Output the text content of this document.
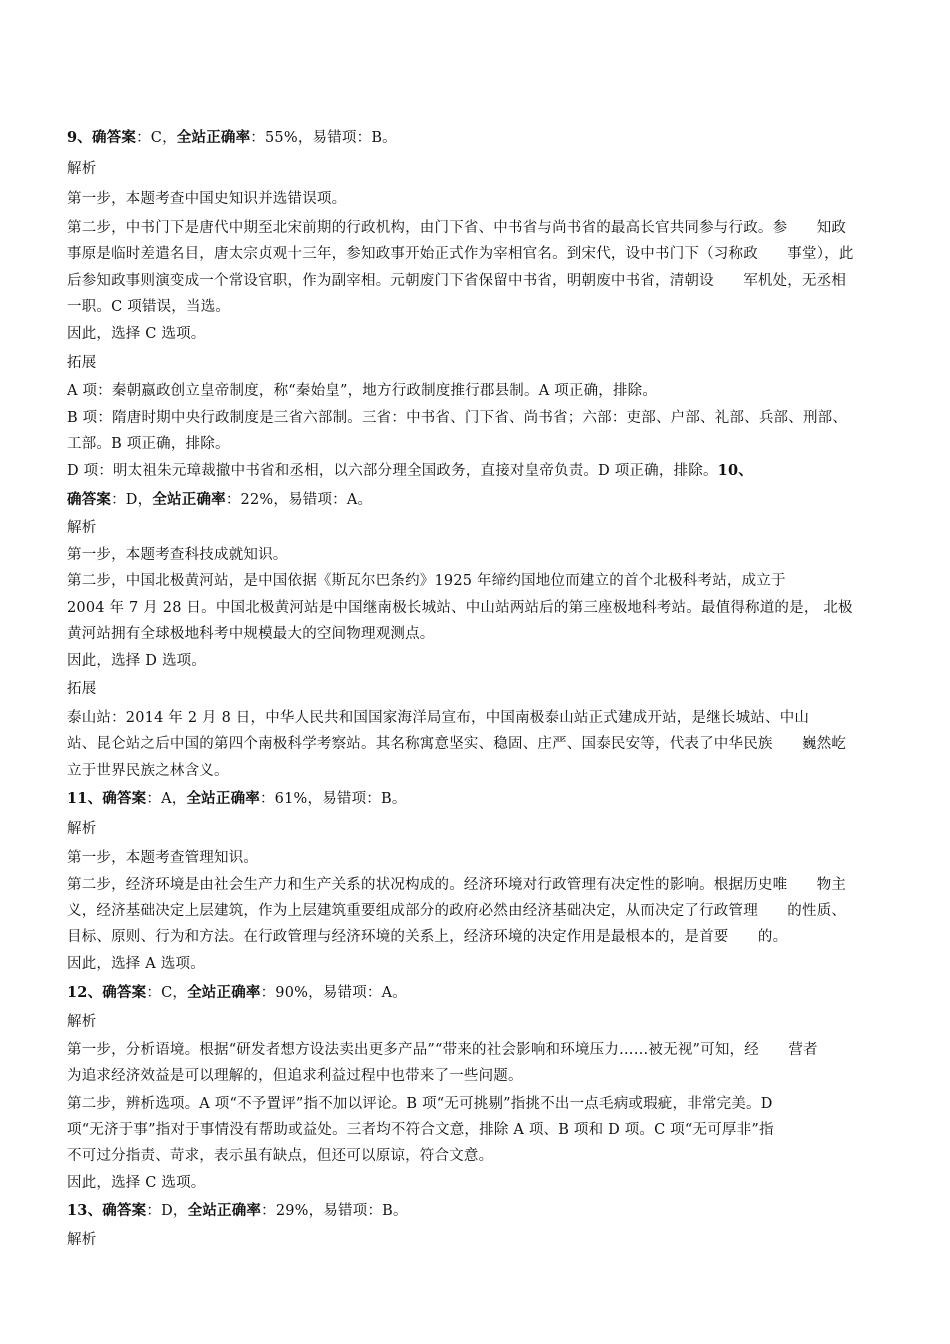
9、确答案：C，全站正确率：55%，易错项：B。
解析
第一步，本题考查中国史知识并选错误项。
第二步，中书门下是唐代中期至北宋前期的行政机构，由门下省、中书省与尚书省的最高长官共同参与行政。参　　知政
事原是临时差遣名目，唐太宗贞观十三年，参知政事开始正式作为宰相官名。到宋代，设中书门下（习称政　　事堂），此
后参知政事则演变成一个常设官职，作为副宰相。元朝废门下省保留中书省，明朝废中书省，清朝设　　军机处，无丞相
一职。C 项错误，当选。
因此，选择 C 选项。
拓展
A 项：秦朝嬴政创立皇帝制度，称“秦始皇”，地方行政制度推行郡县制。A 项正确，排除。
B 项：隋唐时期中央行政制度是三省六部制。三省：中书省、门下省、尚书省；六部：吏部、户部、礼部、兵部、刑部、
工部。B 项正确，排除。
D 项：明太祖朱元璋裁撤中书省和丞相，以六部分理全国政务，直接对皇帝负责。D 项正确，排除。10、
确答案：D，全站正确率：22%，易错项：A。
解析
第一步，本题考查科技成就知识。
第二步，中国北极黄河站，是中国依据《斯瓦尔巴条约》1925 年缔约国地位而建立的首个北极科考站，成立于
2004 年 7 月 28 日。中国北极黄河站是中国继南极长城站、中山站两站后的第三座极地科考站。最值得称道的是， 北极
黄河站拥有全球极地科考中规模最大的空间物理观测点。
因此，选择 D 选项。
拓展
泰山站：2014 年 2 月 8 日，中华人民共和国国家海洋局宣布，中国南极泰山站正式建成开站，是继长城站、中山
站、昆仑站之后中国的第四个南极科学考察站。其名称寓意坚实、稳固、庄严、国泰民安等，代表了中华民族　　巍然屹
立于世界民族之林含义。
11、确答案：A，全站正确率：61%，易错项：B。
解析
第一步，本题考查管理知识。
第二步，经济环境是由社会生产力和生产关系的状况构成的。经济环境对行政管理有决定性的影响。根据历史唯　　物主
义，经济基础决定上层建筑，作为上层建筑重要组成部分的政府必然由经济基础决定，从而决定了行政管理　　的性质、
目标、原则、行为和方法。在行政管理与经济环境的关系上，经济环境的决定作用是最根本的，是首要　　的。
因此，选择 A 选项。
12、确答案：C，全站正确率：90%，易错项：A。
解析
第一步，分析语境。根据“研发者想方设法卖出更多产品”“带来的社会影响和环境压力……被无视”可知，经　　营者
为追求经济效益是可以理解的，但追求利益过程中也带来了一些问题。
第二步，辨析选项。A 项“不予置评”指不加以评论。B 项“无可挑剔”指挑不出一点毛病或瑕疵，非常完美。D
项“无济于事”指对于事情没有帮助或益处。三者均不符合文意，排除 A 项、B 项和 D 项。C 项“无可厚非”指
不可过分指责、苛求，表示虽有缺点，但还可以原谅，符合文意。
因此，选择 C 选项。
13、确答案：D，全站正确率：29%，易错项：B。
解析
